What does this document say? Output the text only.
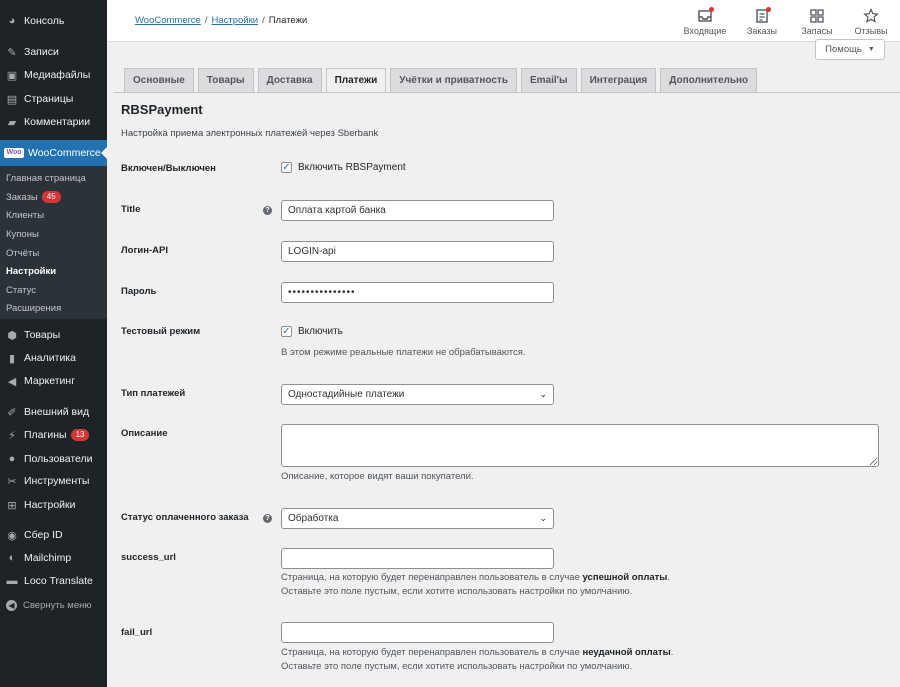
◕ Консоль
✎ Записи
▣ Медиафайлы
▤ Страницы
▰ Комментарии
Woo WooCommerce
Главная страница
Заказы	45
Клиенты
Купоны
Отчёты
Настройки
Статус
Расширения
⬢ Товары
▮ Аналитика
◀ Маркетинг
✐ Внешний вид
⚡ Плагины	13
● Пользователи
✂ Инструменты
⊞ Настройки
◉ Сбер ID
◐ Mailchimp
▬ Loco Translate
◀ Свернуть меню
WooCommerce / Настройки / Платежи
Входящие	Заказы	Запасы	Отзывы
Помощь ▼
Основные	Товары	Доставка	Платежи	Учётки и приватность	Email'ы	Интеграция	Дополнительно
RBSPayment
Настройка приема электронных платежей через Sberbank
Включен/Выключен	✓ Включить RBSPayment
Title	?	Оплата картой банка
Логин-API	LOGIN-api
Пароль	•••••••••••••••
Тестовый режим	✓ Включить
В этом режиме реальные платежи не обрабатываются.
Тип платежей	Одностадийные платежи	⌄
Описание
Описание, которое видят ваши покупатели.
Статус оплаченного заказа	? Обработка	⌄
success_url
Страница, на которую будет перенаправлен пользователь в случае успешной оплаты.
Оставьте это поле пустым, если хотите использовать настройки по умолчанию.
fail_url
Страница, на которую будет перенаправлен пользователь в случае неудачной оплаты.
Оставьте это поле пустым, если хотите использовать настройки по умолчанию.
